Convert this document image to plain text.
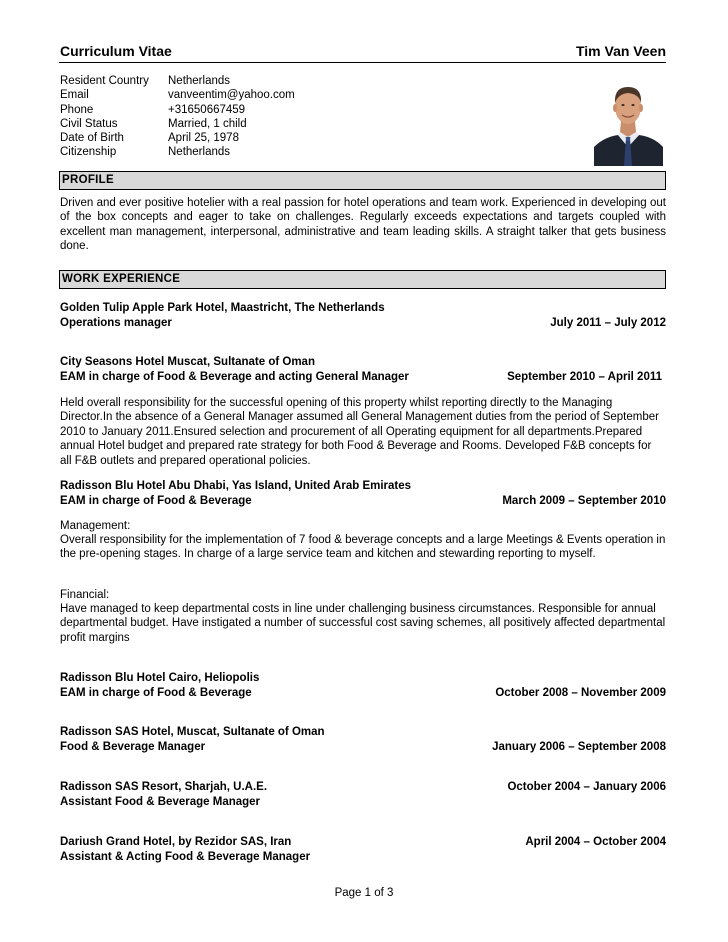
Curriculum Vitae	Tim Van Veen
Resident Country	Netherlands
Email	vanveentim@yahoo.com
Phone	+31650667459
Civil Status	Married, 1 child
Date of Birth	April 25, 1978
Citizenship	Netherlands
PROFILE
Driven and ever positive hotelier with a real passion for hotel operations and team work. Experienced in developing out of the box concepts and eager to take on challenges. Regularly exceeds expectations and targets coupled with excellent man management, interpersonal, administrative and team leading skills. A straight talker that gets business done.
WORK EXPERIENCE
Golden Tulip Apple Park Hotel, Maastricht, The Netherlands
Operations manager	July 2011 – July 2012
City Seasons Hotel Muscat, Sultanate of Oman
EAM in charge of Food & Beverage and acting General Manager	September 2010 – April 2011
Held overall responsibility for the successful opening of this property whilst reporting directly to the Managing Director.In the absence of a General Manager assumed all General Management duties from the period of September 2010 to January 2011.Ensured selection and procurement of all Operating equipment for all departments.Prepared annual Hotel budget and prepared rate strategy for both Food & Beverage and Rooms. Developed F&B concepts for all F&B outlets and prepared operational policies.
Radisson Blu Hotel Abu Dhabi, Yas Island, United Arab Emirates
EAM in charge of Food & Beverage	March 2009 – September 2010
Management:
Overall responsibility for the implementation of 7 food & beverage concepts and a large Meetings & Events operation in the pre-opening stages. In charge of a large service team and kitchen and stewarding reporting to myself.
Financial:
Have managed to keep departmental costs in line under challenging business circumstances. Responsible for annual departmental budget. Have instigated a number of successful cost saving schemes, all positively affected departmental profit margins
Radisson Blu Hotel Cairo, Heliopolis
EAM in charge of Food & Beverage	October 2008 – November 2009
Radisson SAS Hotel, Muscat, Sultanate of Oman
Food & Beverage Manager	January 2006 – September 2008
Radisson SAS Resort, Sharjah, U.A.E.	October 2004 – January 2006
Assistant Food & Beverage Manager
Dariush Grand Hotel, by Rezidor SAS, Iran	April 2004 – October 2004
Assistant & Acting Food & Beverage Manager
Page 1 of 3
